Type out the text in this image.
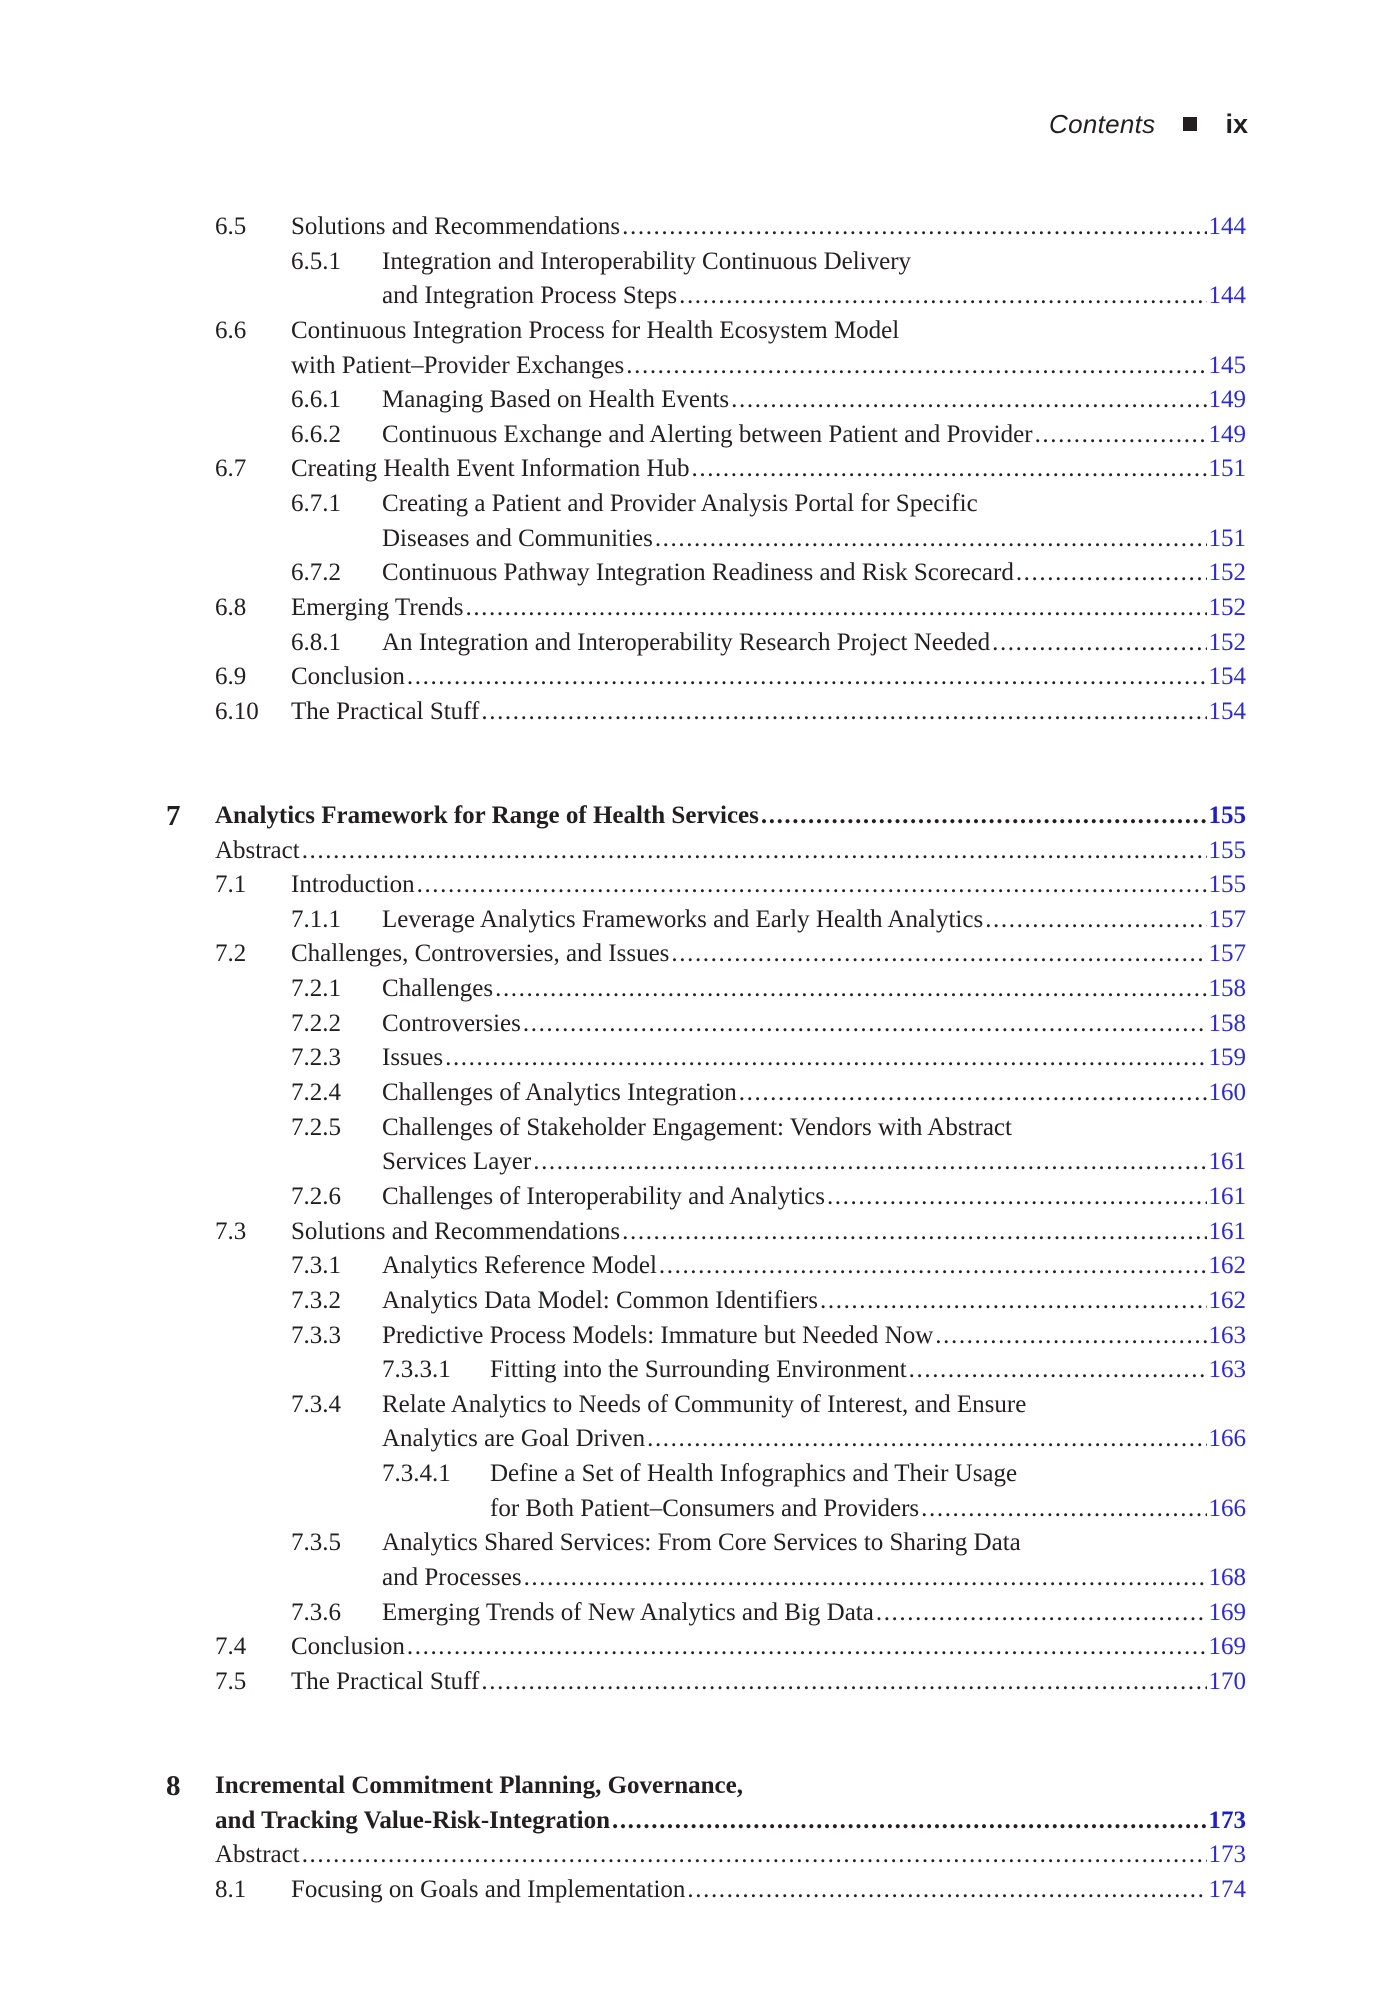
Contents	ix
6.5 Solutions and Recommendations .....	144
6.5.1 Integration and Interoperability Continuous Delivery
and Integration Process Steps .....	144
6.6 Continuous Integration Process for Health Ecosystem Model
with Patient–Provider Exchanges .....	145
6.6.1 Managing Based on Health Events .....	149
6.6.2 Continuous Exchange and Alerting between Patient and Provider .....	149
6.7 Creating Health Event Information Hub .....	151
6.7.1 Creating a Patient and Provider Analysis Portal for Specific
Diseases and Communities .....	151
6.7.2 Continuous Pathway Integration Readiness and Risk Scorecard .....	152
6.8 Emerging Trends .....	152
6.8.1 An Integration and Interoperability Research Project Needed .....	152
6.9 Conclusion .....	154
6.10 The Practical Stuff .....	154
7 Analytics Framework for Range of Health Services .....	155
Abstract .....	155
7.1 Introduction .....	155
7.1.1 Leverage Analytics Frameworks and Early Health Analytics .....	157
7.2 Challenges, Controversies, and Issues .....	157
7.2.1 Challenges .....	158
7.2.2 Controversies .....	158
7.2.3 Issues .....	159
7.2.4 Challenges of Analytics Integration .....	160
7.2.5 Challenges of Stakeholder Engagement: Vendors with Abstract
Services Layer .....	161
7.2.6 Challenges of Interoperability and Analytics .....	161
7.3 Solutions and Recommendations .....	161
7.3.1 Analytics Reference Model .....	162
7.3.2 Analytics Data Model: Common Identifiers .....	162
7.3.3 Predictive Process Models: Immature but Needed Now .....	163
7.3.3.1 Fitting into the Surrounding Environment .....	163
7.3.4 Relate Analytics to Needs of Community of Interest, and Ensure
Analytics are Goal Driven .....	166
7.3.4.1 Define a Set of Health Infographics and Their Usage
for Both Patient–Consumers and Providers .....	166
7.3.5 Analytics Shared Services: From Core Services to Sharing Data
and Processes .....	168
7.3.6 Emerging Trends of New Analytics and Big Data .....	169
7.4 Conclusion .....	169
7.5 The Practical Stuff .....	170
8 Incremental Commitment Planning, Governance,
and Tracking Value-Risk-Integration .....	173
Abstract .....	173
8.1 Focusing on Goals and Implementation .....	174
